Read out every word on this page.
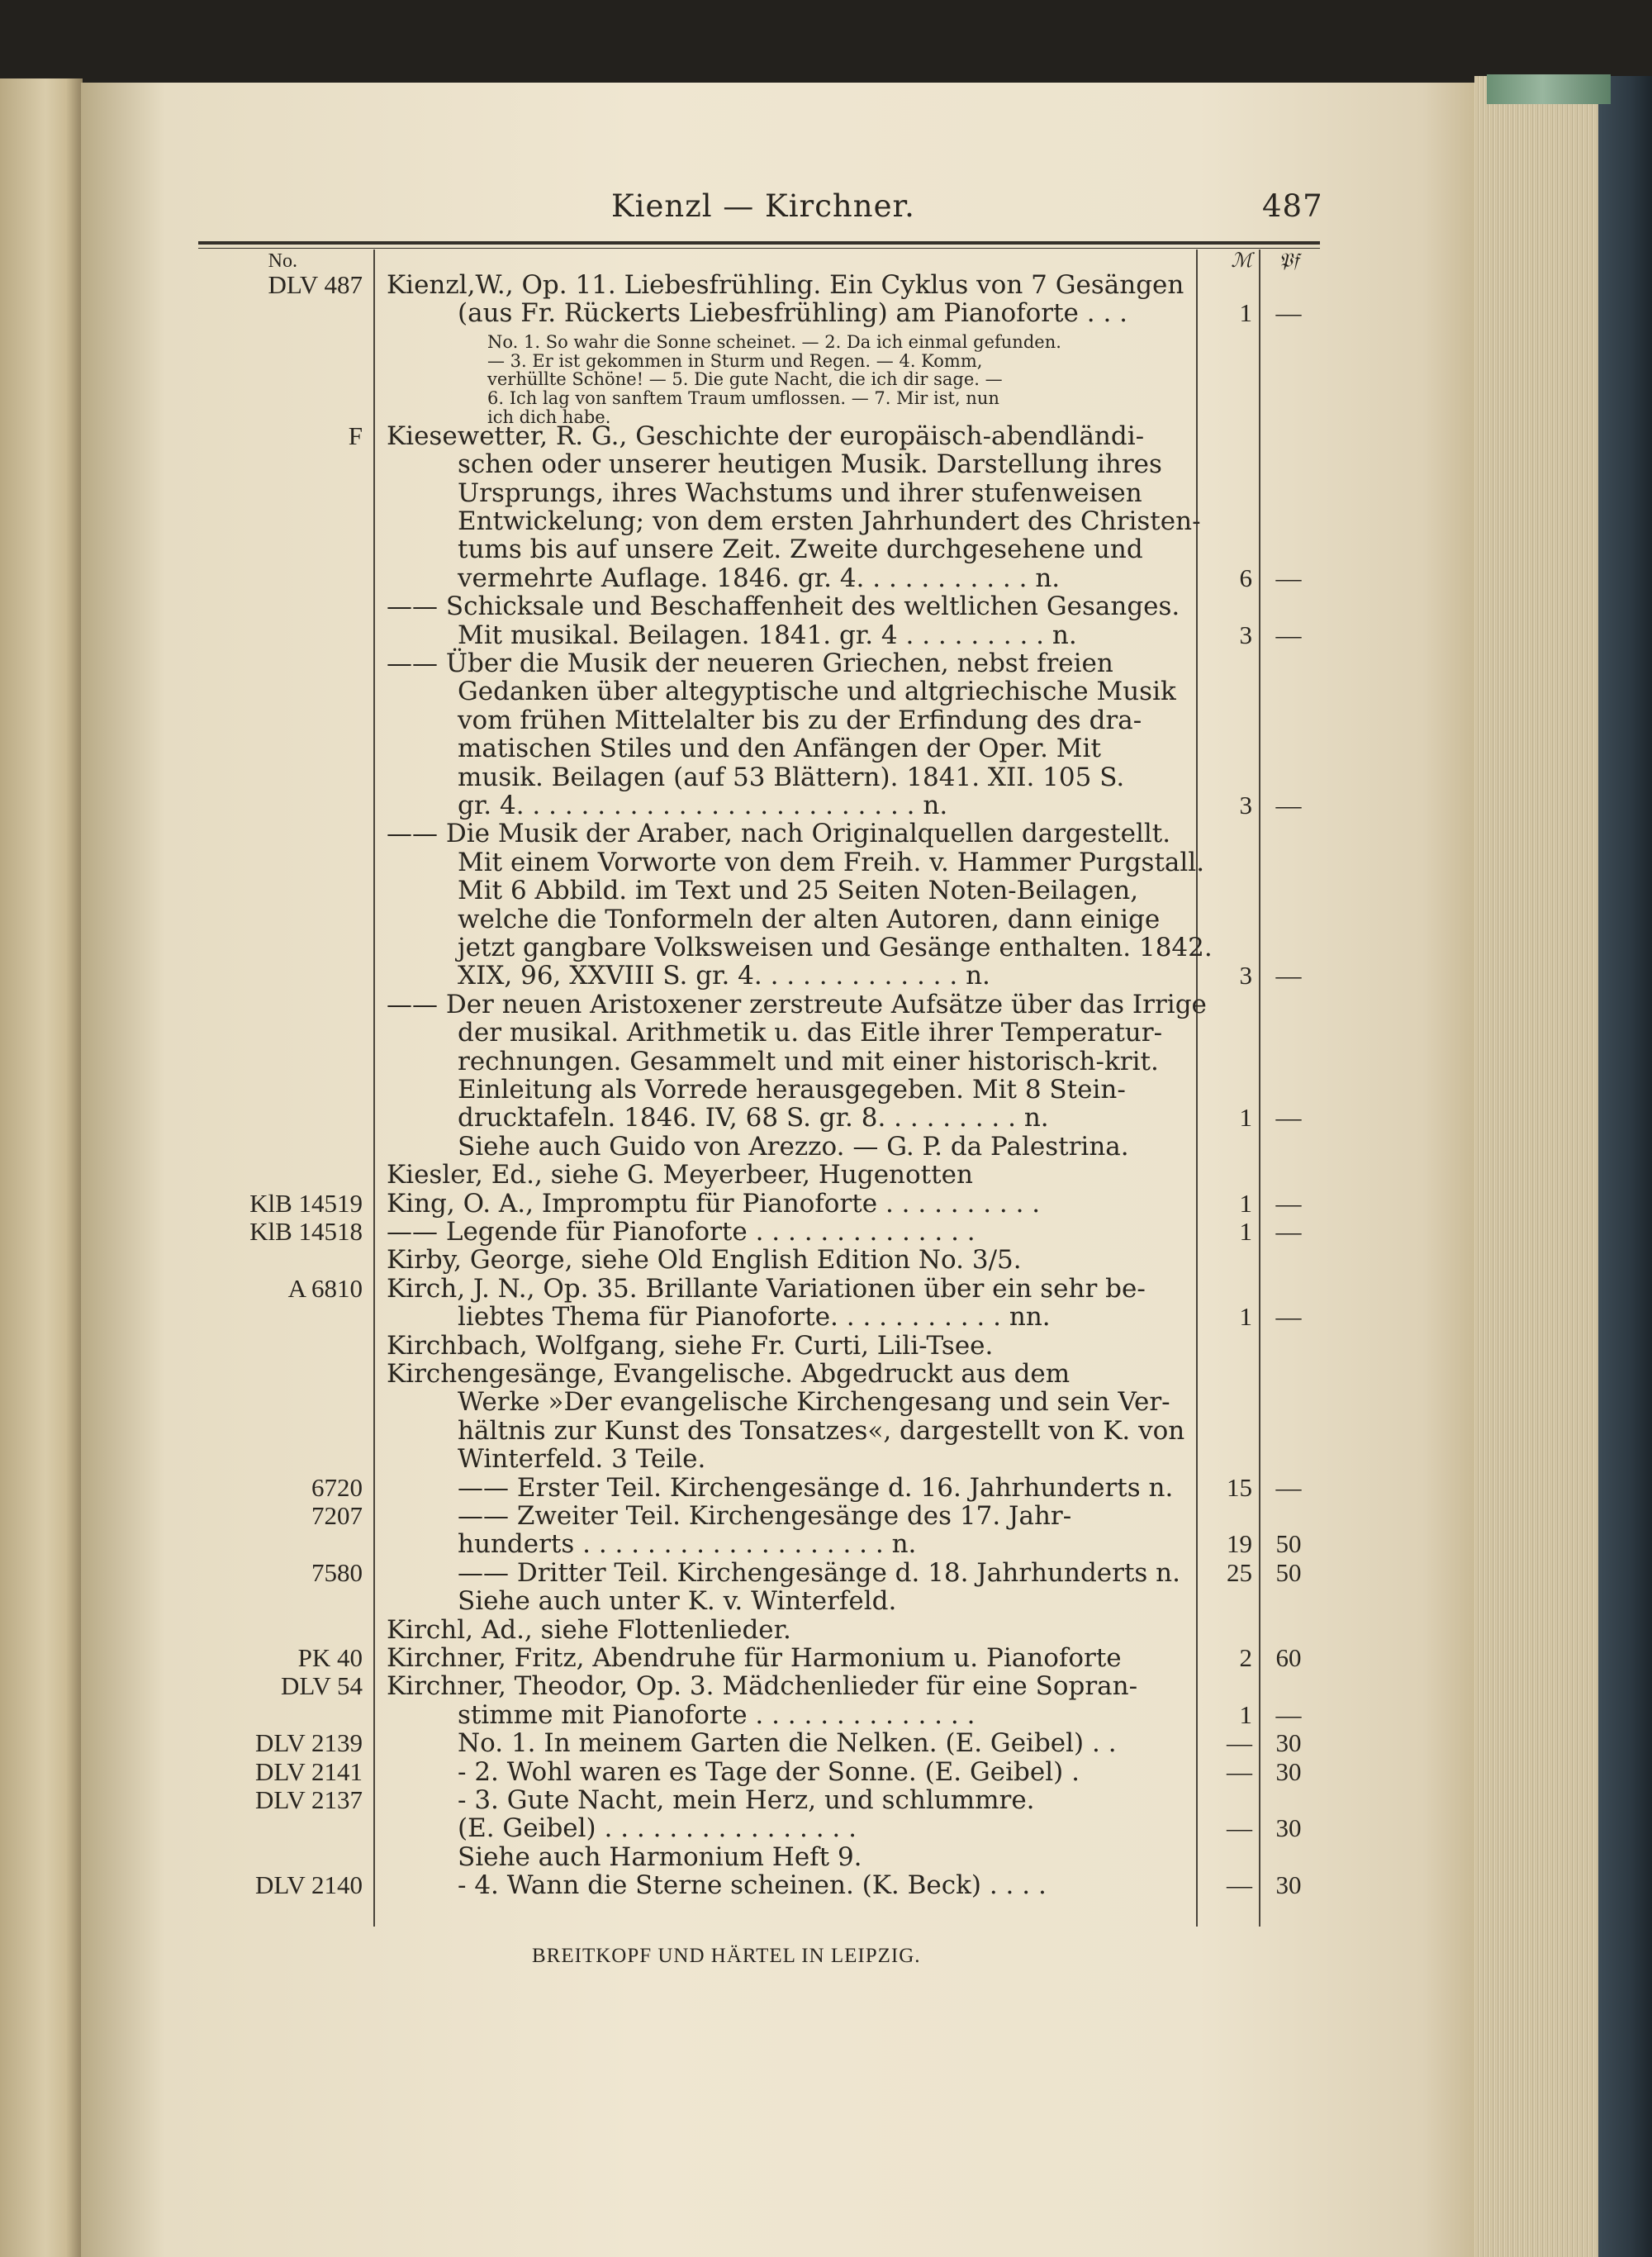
Kienzl — Kirchner.	487
No.	ℳ	𝔓𝔣
DLV 487 Kienzl,W., Op. 11. Liebesfrühling. Ein Cyklus von 7 Gesängen
(aus Fr. Rückerts Liebesfrühling) am Pianoforte . . .	1 —
No. 1. So wahr die Sonne scheinet. — 2. Da ich einmal gefunden.
— 3. Er ist gekommen in Sturm und Regen. — 4. Komm,
verhüllte Schöne! — 5. Die gute Nacht, die ich dir sage. —
6. Ich lag von sanftem Traum umflossen. — 7. Mir ist, nun
ich dich habe.
F Kiesewetter, R. G., Geschichte der europäisch-abendländi-
schen oder unserer heutigen Musik. Darstellung ihres
Ursprungs, ihres Wachstums und ihrer stufenweisen
Entwickelung; von dem ersten Jahrhundert des Christen-
tums bis auf unsere Zeit. Zweite durchgesehene und
vermehrte Auflage. 1846. gr. 4. . . . . . . . . . . n.	6 —
—— Schicksale und Beschaffenheit des weltlichen Gesanges.
Mit musikal. Beilagen. 1841. gr. 4 . . . . . . . . . n.	3 —
—— Über die Musik der neueren Griechen, nebst freien
Gedanken über altegyptische und altgriechische Musik
vom frühen Mittelalter bis zu der Erfindung des dra-
matischen Stiles und den Anfängen der Oper. Mit
musik. Beilagen (auf 53 Blättern). 1841. XII. 105 S.
gr. 4. . . . . . . . . . . . . . . . . . . . . . . . . n.	3 —
—— Die Musik der Araber, nach Originalquellen dargestellt.
Mit einem Vorworte von dem Freih. v. Hammer Purgstall.
Mit 6 Abbild. im Text und 25 Seiten Noten-Beilagen,
welche die Tonformeln der alten Autoren, dann einige
jetzt gangbare Volksweisen und Gesänge enthalten. 1842.
XIX, 96, XXVIII S. gr. 4. . . . . . . . . . . . . n.	3 —
—— Der neuen Aristoxener zerstreute Aufsätze über das Irrige
der musikal. Arithmetik u. das Eitle ihrer Temperatur-
rechnungen. Gesammelt und mit einer historisch-krit.
Einleitung als Vorrede herausgegeben. Mit 8 Stein-
drucktafeln. 1846. IV, 68 S. gr. 8. . . . . . . . . n.	1 —
Siehe auch Guido von Arezzo. — G. P. da Palestrina.
Kiesler, Ed., siehe G. Meyerbeer, Hugenotten
KlB 14519 King, O. A., Impromptu für Pianoforte . . . . . . . . . .	1 —
KlB 14518 —— Legende für Pianoforte . . . . . . . . . . . . . .	1 —
Kirby, George, siehe Old English Edition No. 3/5.
A 6810 Kirch, J. N., Op. 35. Brillante Variationen über ein sehr be-
liebtes Thema für Pianoforte. . . . . . . . . . . nn.	1 —
Kirchbach, Wolfgang, siehe Fr. Curti, Lili-Tsee.
Kirchengesänge, Evangelische. Abgedruckt aus dem
Werke »Der evangelische Kirchengesang und sein Ver-
hältnis zur Kunst des Tonsatzes«, dargestellt von K. von
Winterfeld. 3 Teile.
6720	—— Erster Teil. Kirchengesänge d. 16. Jahrhunderts n.	15 —
7207	—— Zweiter Teil. Kirchengesänge des 17. Jahr-
hunderts . . . . . . . . . . . . . . . . . . . n.	19 50
7580	—— Dritter Teil. Kirchengesänge d. 18. Jahrhunderts n.	25 50
Siehe auch unter K. v. Winterfeld.
Kirchl, Ad., siehe Flottenlieder.
PK 40 Kirchner, Fritz, Abendruhe für Harmonium u. Pianoforte	2 60
DLV 54 Kirchner, Theodor, Op. 3. Mädchenlieder für eine Sopran-
stimme mit Pianoforte . . . . . . . . . . . . . .	1 —
DLV 2139	No. 1. In meinem Garten die Nelken. (E. Geibel) . .	— 30
DLV 2141	- 2. Wohl waren es Tage der Sonne. (E. Geibel) .	— 30
DLV 2137	- 3. Gute Nacht, mein Herz, und schlummre.
(E. Geibel) . . . . . . . . . . . . . . . .	— 30
Siehe auch Harmonium Heft 9.
DLV 2140	- 4. Wann die Sterne scheinen. (K. Beck) . . . .	— 30
BREITKOPF UND HÄRTEL IN LEIPZIG.
